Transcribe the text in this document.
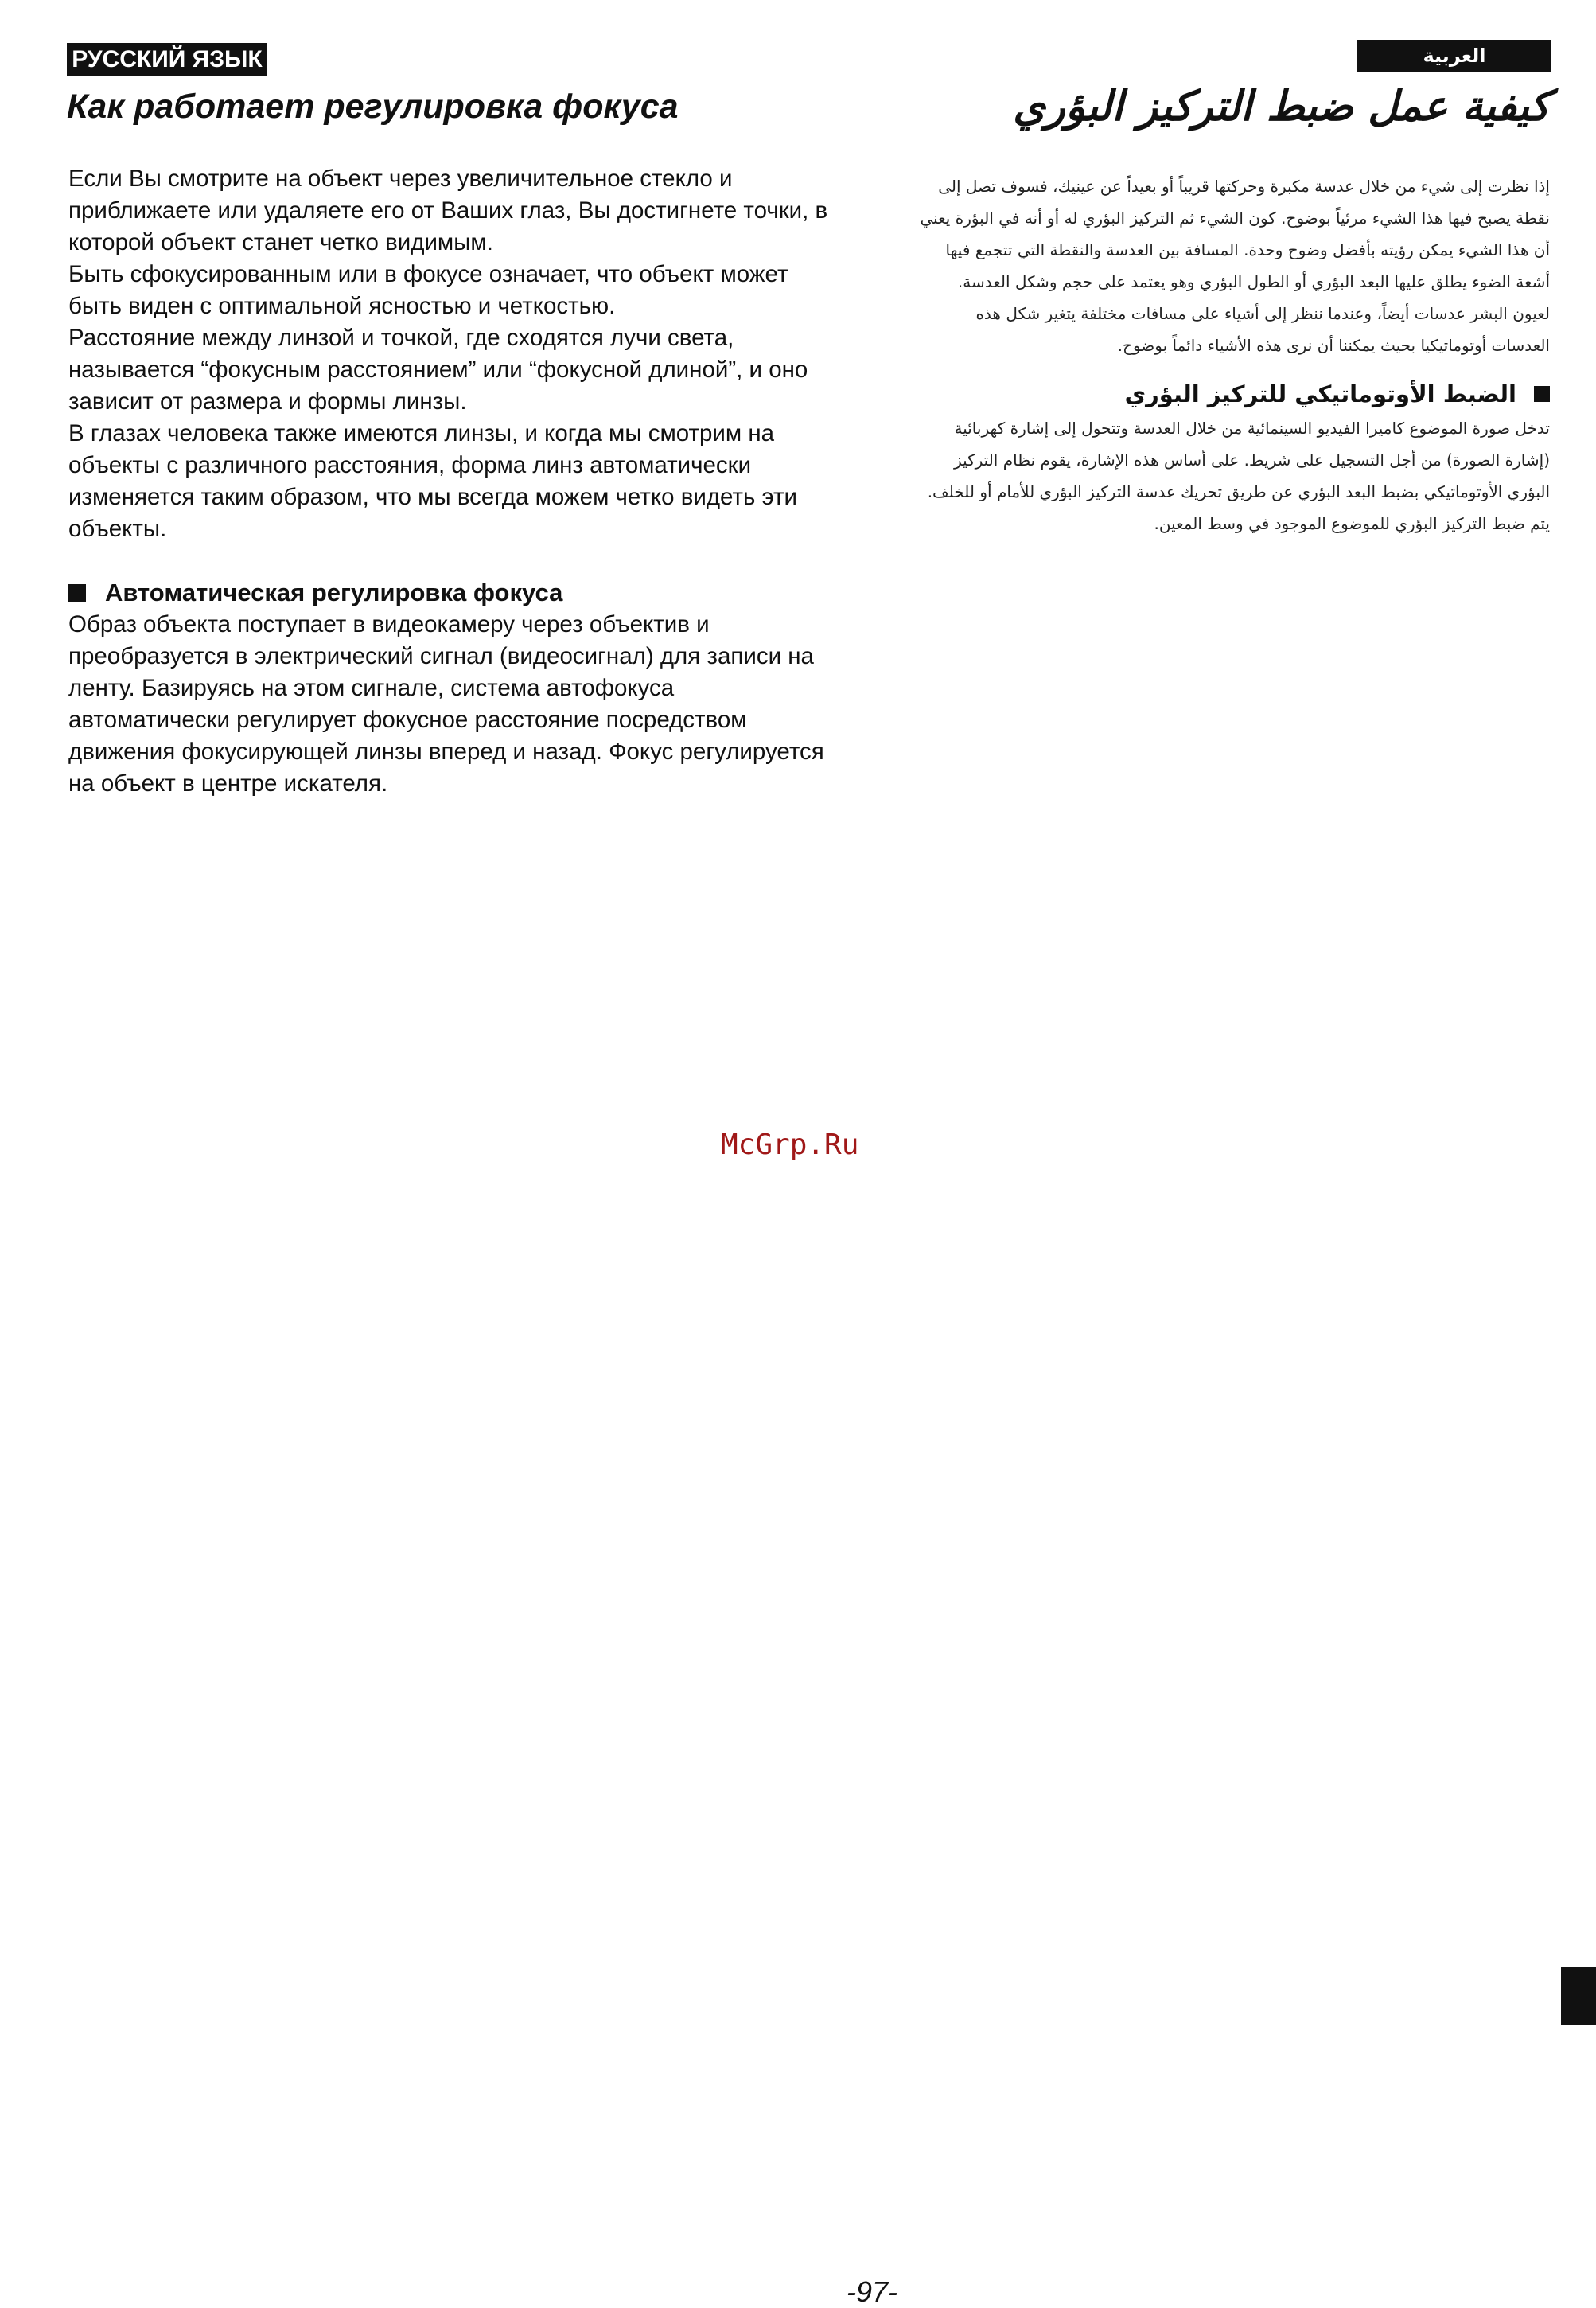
РУССКИЙ ЯЗЫК	العربية
Как работает регулировка фокуса	كيفية عمل ضبط التركيز البؤري

Если Вы смотрите на объект через увеличительное стекло и приближаете или удаляете его от Ваших глаз, Вы достигнете точки, в которой объект станет четко видимым.

Быть сфокусированным или в фокусе означает, что объект может быть виден с оптимальной ясностью и четкостью.

Расстояние между линзой и точкой, где сходятся лучи света, называется “фокусным расстоянием” или “фокусной длиной”, и оно зависит от размера и формы линзы.

В глазах человека также имеются линзы, и когда мы смотрим на объекты с различного расстояния, форма линз автоматически изменяется таким образом, что мы всегда можем четко видеть эти объекты.

Автоматическая регулировка фокуса

Образ объекта поступает в видеокамеру через объектив и преобразуется в электрический сигнал (видеосигнал) для записи на ленту. Базируясь на этом сигнале, система автофокуса автоматически регулирует фокусное расстояние посредством движения фокусирующей линзы вперед и назад. Фокус регулируется на объект в центре искателя.

إذا نظرت إلى شيء من خلال عدسة مكبرة وحركتها قريباً أو بعيداً عن عينيك، فسوف تصل إلى نقطة يصبح فيها هذا الشيء مرئياً بوضوح. كون الشيء ثم التركيز البؤري له أو أنه في البؤرة يعني أن هذا الشيء يمكن رؤيته بأفضل وضوح وحدة. المسافة بين العدسة والنقطة التي تتجمع فيها أشعة الضوء يطلق عليها البعد البؤري أو الطول البؤري وهو يعتمد على حجم وشكل العدسة.

لعيون البشر عدسات أيضاً، وعندما ننظر إلى أشياء على مسافات مختلفة يتغير شكل هذه العدسات أوتوماتيكيا بحيث يمكننا أن نرى هذه الأشياء دائماً بوضوح.

الضبط الأوتوماتيكي للتركيز البؤري

تدخل صورة الموضوع كاميرا الفيديو السينمائية من خلال العدسة وتتحول إلى إشارة كهربائية (إشارة الصورة) من أجل التسجيل على شريط. على أساس هذه الإشارة، يقوم نظام التركيز البؤري الأوتوماتيكي بضبط البعد البؤري عن طريق تحريك عدسة التركيز البؤري للأمام أو للخلف.

يتم ضبط التركيز البؤري للموضوع الموجود في وسط المعين.

McGrp.Ru
-97-
